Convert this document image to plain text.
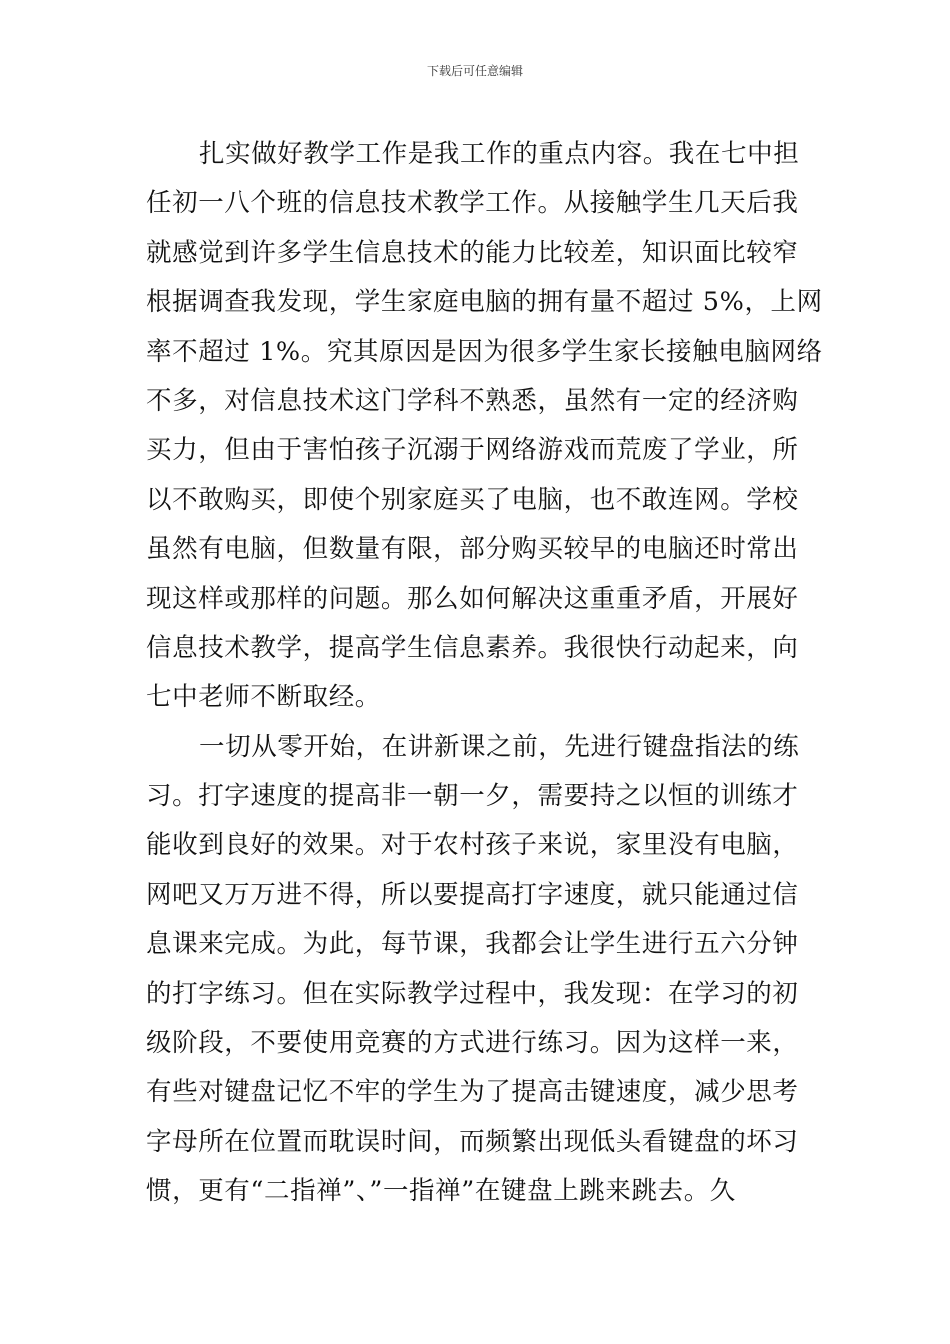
下载后可任意编辑
扎实做好教学工作是我工作的重点内容。我在七中担
任初一八个班的信息技术教学工作。从接触学生几天后我
就感觉到许多学生信息技术的能力比较差，知识面比较窄
根据调查我发现，学生家庭电脑的拥有量不超过 5%，上网
率不超过 1%。究其原因是因为很多学生家长接触电脑网络
不多，对信息技术这门学科不熟悉，虽然有一定的经济购
买力，但由于害怕孩子沉溺于网络游戏而荒废了学业，所
以不敢购买，即使个别家庭买了电脑，也不敢连网。学校
虽然有电脑，但数量有限，部分购买较早的电脑还时常出
现这样或那样的问题。那么如何解决这重重矛盾，开展好
信息技术教学，提高学生信息素养。我很快行动起来，向
七中老师不断取经。
一切从零开始，在讲新课之前，先进行键盘指法的练
习。打字速度的提高非一朝一夕，需要持之以恒的训练才
能收到良好的效果。对于农村孩子来说，家里没有电脑，
网吧又万万进不得，所以要提高打字速度，就只能通过信
息课来完成。为此，每节课，我都会让学生进行五六分钟
的打字练习。但在实际教学过程中，我发现：在学习的初
级阶段，不要使用竞赛的方式进行练习。因为这样一来，
有些对键盘记忆不牢的学生为了提高击键速度，减少思考
字母所在位置而耽误时间，而频繁出现低头看键盘的坏习
惯，更有“二指禅”、”一指禅”在键盘上跳来跳去。久
